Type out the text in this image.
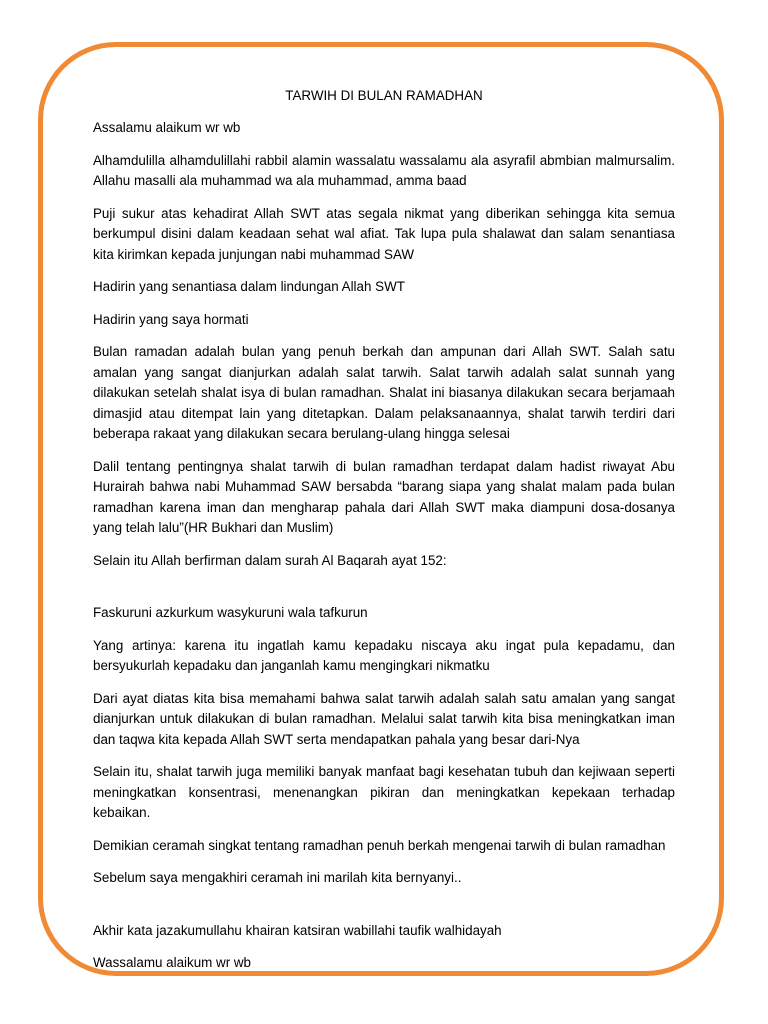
TARWIH DI BULAN RAMADHAN

Assalamu alaikum wr wb

Alhamdulilla alhamdulillahi rabbil alamin wassalatu wassalamu ala asyrafil abmbian malmursalim. Allahu masalli ala muhammad wa ala muhammad, amma baad

Puji sukur atas kehadirat Allah SWT atas segala nikmat yang diberikan sehingga kita semua berkumpul disini dalam keadaan sehat wal afiat. Tak lupa pula shalawat dan salam senantiasa kita kirimkan kepada junjungan nabi muhammad SAW

Hadirin yang senantiasa dalam lindungan Allah SWT

Hadirin yang saya hormati

Bulan ramadan adalah bulan yang penuh berkah dan ampunan dari Allah SWT. Salah satu amalan yang sangat dianjurkan adalah salat tarwih. Salat tarwih adalah salat sunnah yang dilakukan setelah shalat isya di bulan ramadhan. Shalat ini biasanya dilakukan secara berjamaah dimasjid atau ditempat lain yang ditetapkan. Dalam pelaksanaannya, shalat tarwih terdiri dari beberapa rakaat yang dilakukan secara berulang-ulang hingga selesai

Dalil tentang pentingnya shalat tarwih di bulan ramadhan terdapat dalam hadist riwayat Abu Hurairah bahwa nabi Muhammad SAW bersabda “barang siapa yang shalat malam pada bulan ramadhan karena iman dan mengharap pahala dari Allah SWT maka diampuni dosa-dosanya yang telah lalu”(HR Bukhari dan Muslim)

Selain itu Allah berfirman dalam surah Al Baqarah ayat 152:

Faskuruni azkurkum wasykuruni wala tafkurun

Yang artinya: karena itu ingatlah kamu kepadaku niscaya aku ingat pula kepadamu, dan bersyukurlah kepadaku dan janganlah kamu mengingkari nikmatku

Dari ayat diatas kita bisa memahami bahwa salat tarwih adalah salah satu amalan yang sangat dianjurkan untuk dilakukan di bulan ramadhan. Melalui salat tarwih kita bisa meningkatkan iman dan taqwa kita kepada Allah SWT serta mendapatkan pahala yang besar dari-Nya

Selain itu, shalat tarwih juga memiliki banyak manfaat bagi kesehatan tubuh dan kejiwaan seperti meningkatkan konsentrasi, menenangkan pikiran dan meningkatkan kepekaan terhadap kebaikan.

Demikian ceramah singkat tentang ramadhan penuh berkah mengenai tarwih di bulan ramadhan

Sebelum saya mengakhiri ceramah ini marilah kita bernyanyi..

Akhir kata jazakumullahu khairan katsiran wabillahi taufik walhidayah

Wassalamu alaikum wr wb
